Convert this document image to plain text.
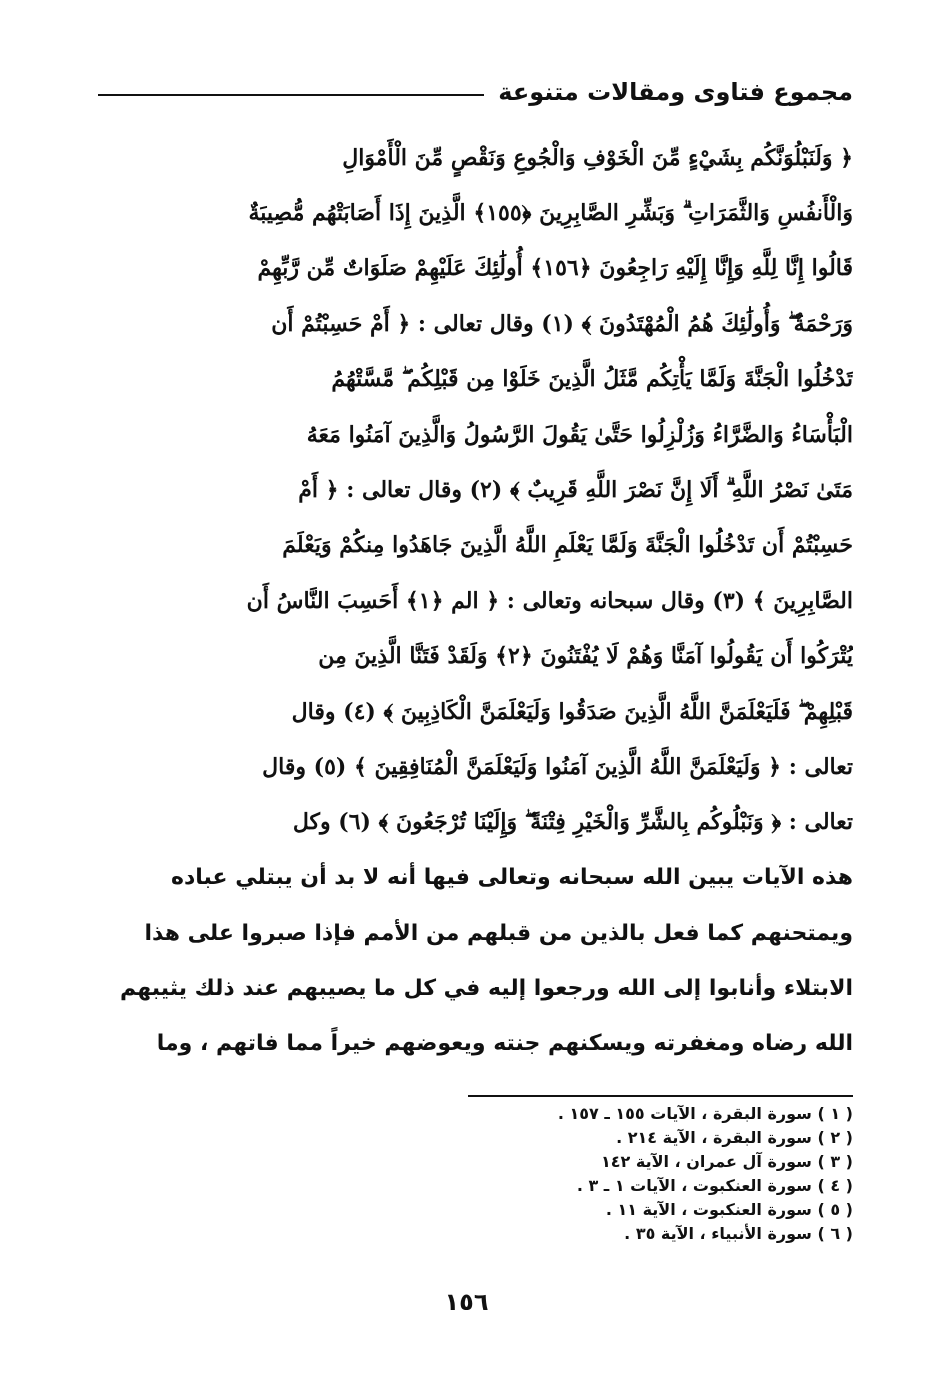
مجموع فتاوى ومقالات متنوعة
﴿ وَلَنَبْلُوَنَّكُم بِشَيْءٍ مِّنَ الْخَوْفِ وَالْجُوعِ وَنَقْصٍ مِّنَ الْأَمْوَالِ
وَالْأَنفُسِ وَالثَّمَرَاتِ ۗ وَبَشِّرِ الصَّابِرِينَ ﴿١٥٥﴾ الَّذِينَ إِذَا أَصَابَتْهُم مُّصِيبَةٌ
قَالُوا إِنَّا لِلَّهِ وَإِنَّا إِلَيْهِ رَاجِعُونَ ﴿١٥٦﴾ أُولَٰئِكَ عَلَيْهِمْ صَلَوَاتٌ مِّن رَّبِّهِمْ
وَرَحْمَةٌ ۖ وَأُولَٰئِكَ هُمُ الْمُهْتَدُونَ ﴾ (١) وقال تعالى : ﴿ أَمْ حَسِبْتُمْ أَن
تَدْخُلُوا الْجَنَّةَ وَلَمَّا يَأْتِكُم مَّثَلُ الَّذِينَ خَلَوْا مِن قَبْلِكُم ۖ مَّسَّتْهُمُ
الْبَأْسَاءُ وَالضَّرَّاءُ وَزُلْزِلُوا حَتَّىٰ يَقُولَ الرَّسُولُ وَالَّذِينَ آمَنُوا مَعَهُ
مَتَىٰ نَصْرُ اللَّهِ ۗ أَلَا إِنَّ نَصْرَ اللَّهِ قَرِيبٌ ﴾ (٢) وقال تعالى : ﴿ أَمْ
حَسِبْتُمْ أَن تَدْخُلُوا الْجَنَّةَ وَلَمَّا يَعْلَمِ اللَّهُ الَّذِينَ جَاهَدُوا مِنكُمْ وَيَعْلَمَ
الصَّابِرِينَ ﴾ (٣) وقال سبحانه وتعالى : ﴿ الم ﴿١﴾ أَحَسِبَ النَّاسُ أَن
يُتْرَكُوا أَن يَقُولُوا آمَنَّا وَهُمْ لَا يُفْتَنُونَ ﴿٢﴾ وَلَقَدْ فَتَنَّا الَّذِينَ مِن
قَبْلِهِمْ ۖ فَلَيَعْلَمَنَّ اللَّهُ الَّذِينَ صَدَقُوا وَلَيَعْلَمَنَّ الْكَاذِبِينَ ﴾ (٤) وقال
تعالى : ﴿ وَلَيَعْلَمَنَّ اللَّهُ الَّذِينَ آمَنُوا وَلَيَعْلَمَنَّ الْمُنَافِقِينَ ﴾ (٥) وقال
تعالى : ﴿ وَنَبْلُوكُم بِالشَّرِّ وَالْخَيْرِ فِتْنَةً ۖ وَإِلَيْنَا تُرْجَعُونَ ﴾ (٦) وكل
هذه الآيات يبين الله سبحانه وتعالى فيها أنه لا بد أن يبتلي عباده
ويمتحنهم كما فعل بالذين من قبلهم من الأمم فإذا صبروا على هذا
الابتلاء وأنابوا إلى الله ورجعوا إليه في كل ما يصيبهم عند ذلك يثيبهم
الله رضاه ومغفرته ويسكنهم جنته ويعوضهم خيراً مما فاتهم ، وما
( ١ ) سورة البقرة ، الآيات ١٥٥ ـ ١٥٧ .
( ٢ ) سورة البقرة ، الآية ٢١٤ .
( ٣ ) سورة آل عمران ، الآية ١٤٢
( ٤ ) سورة العنكبوت ، الآيات ١ ـ ٣ .
( ٥ ) سورة العنكبوت ، الآية ١١ .
( ٦ ) سورة الأنبياء ، الآية ٣٥ .
١٥٦
